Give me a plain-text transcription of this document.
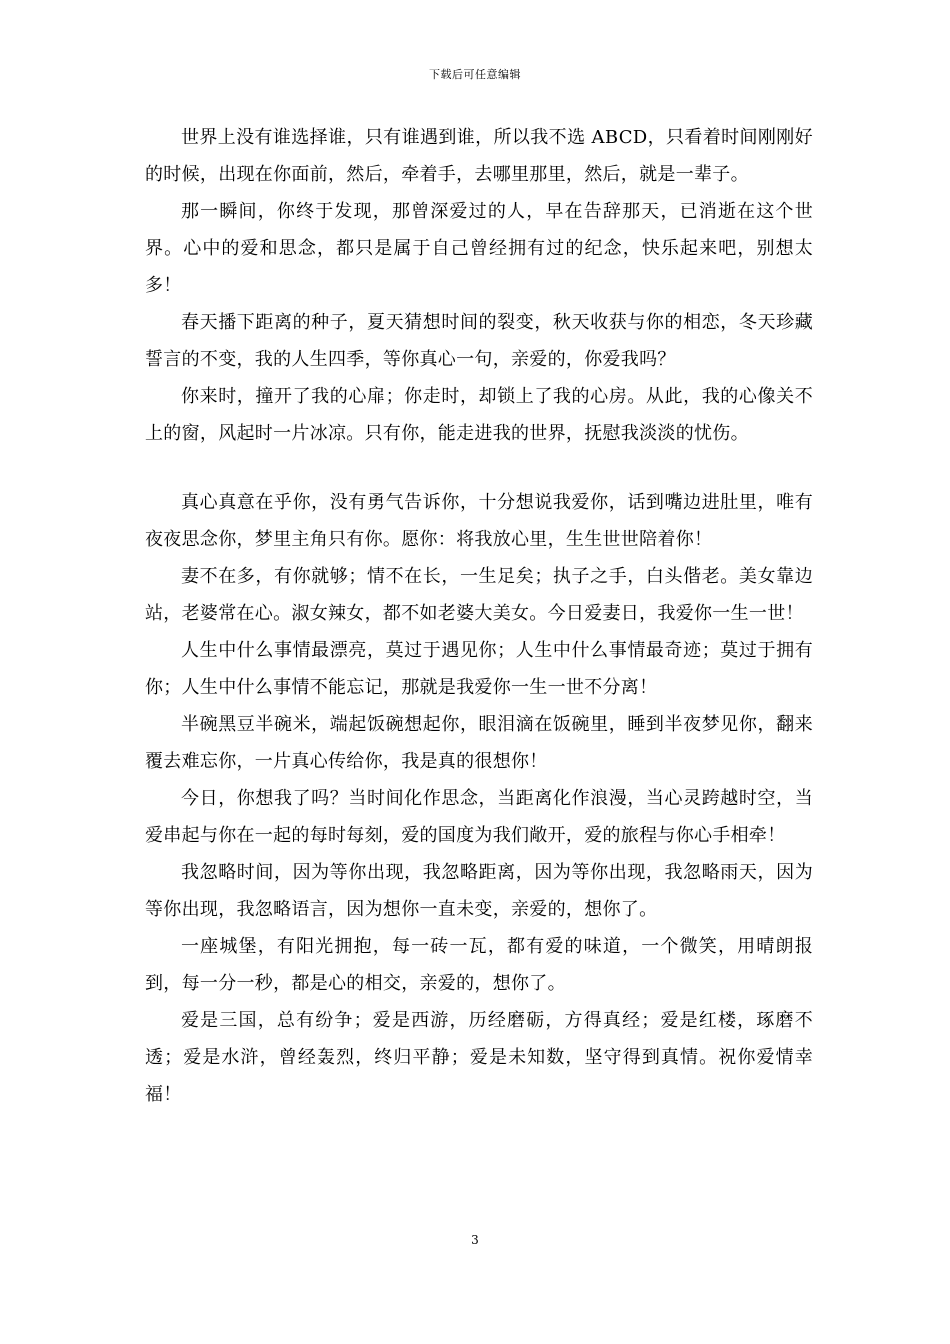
下载后可任意编辑

世界上没有谁选择谁，只有谁遇到谁，所以我不选 ABCD，只看着时间刚刚好的时候，出现在你面前，然后，牵着手，去哪里那里，然后，就是一辈子。

那一瞬间，你终于发现，那曾深爱过的人，早在告辞那天，已消逝在这个世界。心中的爱和思念，都只是属于自己曾经拥有过的纪念，快乐起来吧，别想太多！

春天播下距离的种子，夏天猜想时间的裂变，秋天收获与你的相恋，冬天珍藏誓言的不变，我的人生四季，等你真心一句，亲爱的，你爱我吗？

你来时，撞开了我的心扉；你走时，却锁上了我的心房。从此，我的心像关不上的窗，风起时一片冰凉。只有你，能走进我的世界，抚慰我淡淡的忧伤。

真心真意在乎你，没有勇气告诉你，十分想说我爱你，话到嘴边进肚里，唯有夜夜思念你，梦里主角只有你。愿你：将我放心里，生生世世陪着你！

妻不在多，有你就够；情不在长，一生足矣；执子之手，白头偕老。美女靠边站，老婆常在心。淑女辣女，都不如老婆大美女。今日爱妻日，我爱你一生一世！

人生中什么事情最漂亮，莫过于遇见你；人生中什么事情最奇迹；莫过于拥有你；人生中什么事情不能忘记，那就是我爱你一生一世不分离！

半碗黑豆半碗米，端起饭碗想起你，眼泪滴在饭碗里，睡到半夜梦见你，翻来覆去难忘你，一片真心传给你，我是真的很想你！

今日，你想我了吗？当时间化作思念，当距离化作浪漫，当心灵跨越时空，当爱串起与你在一起的每时每刻，爱的国度为我们敞开，爱的旅程与你心手相牵！

我忽略时间，因为等你出现，我忽略距离，因为等你出现，我忽略雨天，因为等你出现，我忽略语言，因为想你一直未变，亲爱的，想你了。

一座城堡，有阳光拥抱，每一砖一瓦，都有爱的味道，一个微笑，用晴朗报到，每一分一秒，都是心的相交，亲爱的，想你了。

爱是三国，总有纷争；爱是西游，历经磨砺，方得真经；爱是红楼，琢磨不透；爱是水浒，曾经轰烈，终归平静；爱是未知数，坚守得到真情。祝你爱情幸福！

3
